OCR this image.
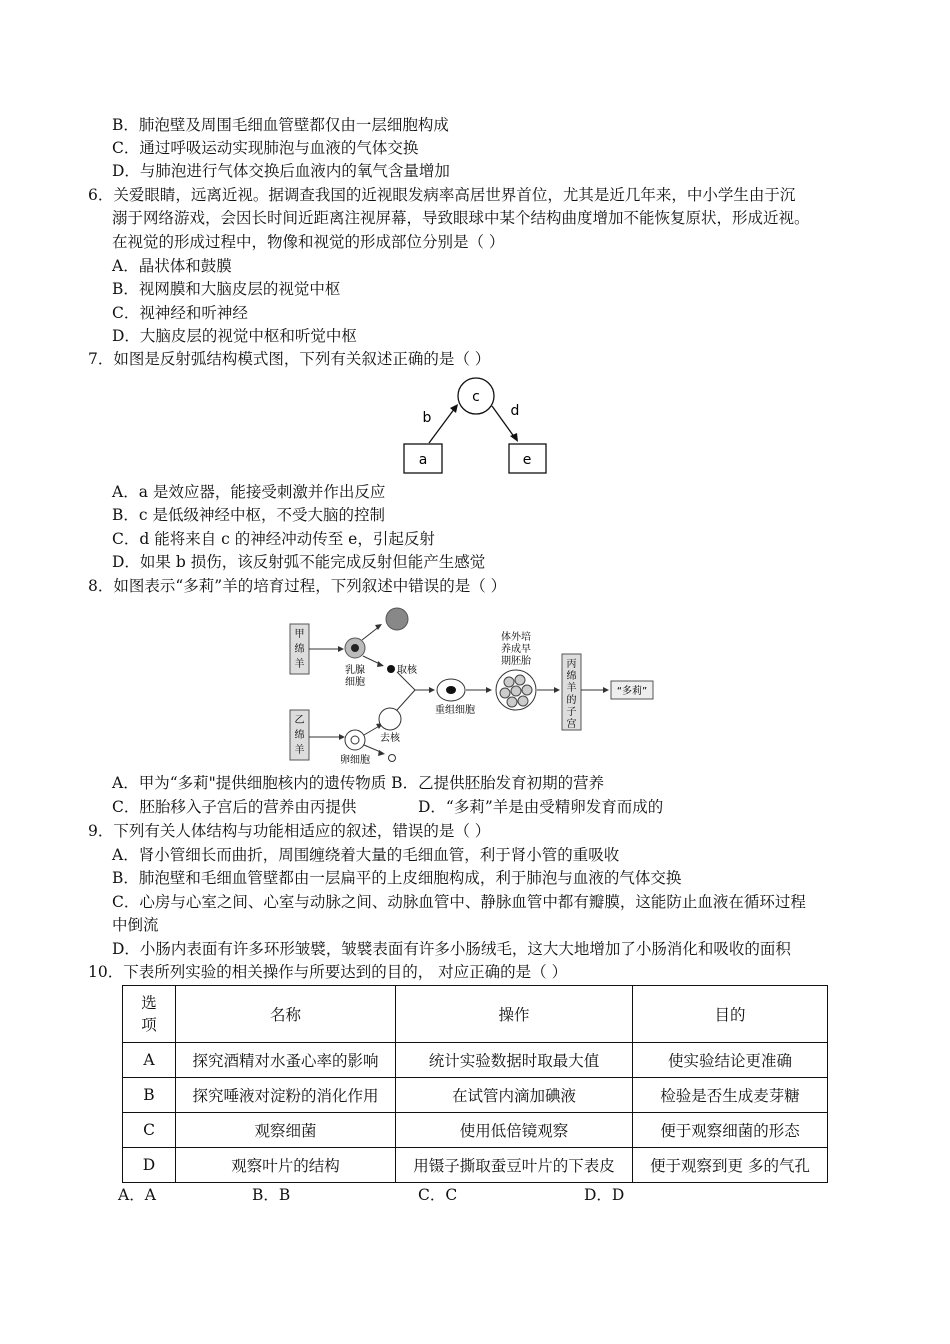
B．肺泡壁及周围毛细血管壁都仅由一层细胞构成
C．通过呼吸运动实现肺泡与血液的气体交换
D．与肺泡进行气体交换后血液内的氧气含量增加
6．关爱眼睛，远离近视。据调查我国的近视眼发病率高居世界首位，尤其是近几年来，中小学生由于沉
溺于网络游戏，会因长时间近距离注视屏幕，导致眼球中某个结构曲度增加不能恢复原状，形成近视。
在视觉的形成过程中，物像和视觉的形成部位分别是（ ）
A．晶状体和鼓膜
B．视网膜和大脑皮层的视觉中枢
C．视神经和听神经
D．大脑皮层的视觉中枢和听觉中枢
7．如图是反射弧结构模式图，下列有关叙述正确的是（ ）
c
a	e
b	d
A．a 是效应器，能接受刺激并作出反应
B．c 是低级神经中枢，不受大脑的控制
C．d 能将来自 c 的神经冲动传至 e，引起反射
D．如果 b 损伤，该反射弧不能完成反射但能产生感觉
8．如图表示“多莉”羊的培育过程，下列叙述中错误的是（ ）
甲
绵
羊
乙
绵
羊
乳腺
细胞
取核
卵细胞
去核
重组细胞
体外培
养成早
期胚胎	丙
绵
羊
的
子
宫
“多莉”
A．甲为“多莉"提供细胞核内的遗传物质 B．乙提供胚胎发育初期的营养
C．胚胎移入子宫后的营养由丙提供	D．“多莉”羊是由受精卵发育而成的
9．下列有关人体结构与功能相适应的叙述，错误的是（ ）
A．肾小管细长而曲折，周围缠绕着大量的毛细血管，利于肾小管的重吸收
B．肺泡壁和毛细血管壁都由一层扁平的上皮细胞构成，利于肺泡与血液的气体交换
C．心房与心室之间、心室与动脉之间、动脉血管中、静脉血管中都有瓣膜，这能防止血液在循环过程
中倒流
D．小肠内表面有许多环形皱襞，皱襞表面有许多小肠绒毛，这大大地增加了小肠消化和吸收的面积
10．下表所列实验的相关操作与所要达到的目的， 对应正确的是（ ）
选
项	名称	操作	目的
A	探究酒精对水蚤心率的影响	统计实验数据时取最大值	使实验结论更准确
B	探究唾液对淀粉的消化作用	在试管内滴加碘液	检验是否生成麦芽糖
C	观察细菌	使用低倍镜观察	便于观察细菌的形态
D	观察叶片的结构	用镊子撕取蚕豆叶片的下表皮	便于观察到更 多的气孔
A．A	B．B	C．C	D．D
